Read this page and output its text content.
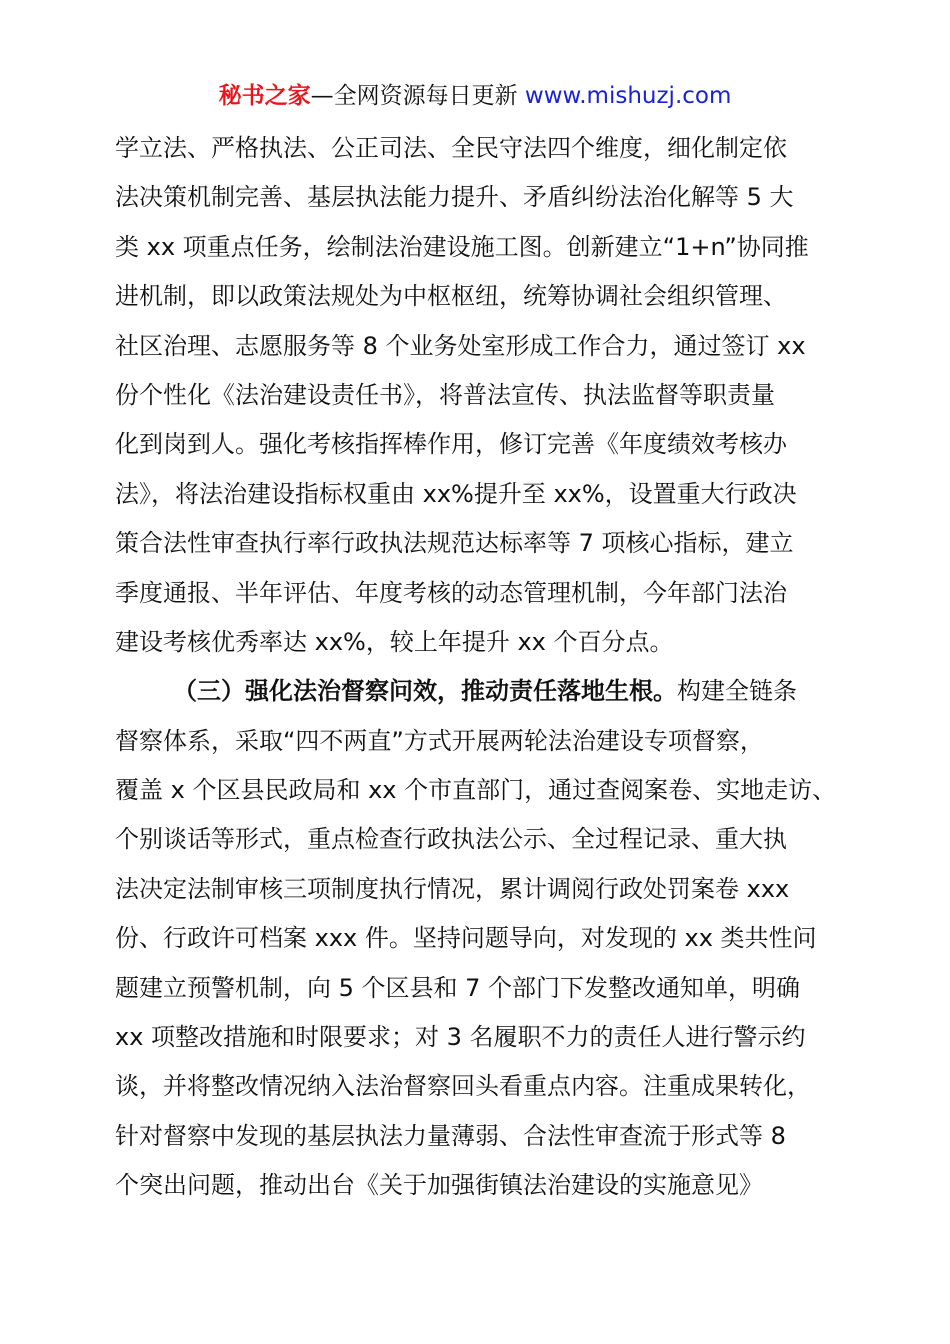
秘书之家—全网资源每日更新 www.mishuzj.com
学立法、严格执法、公正司法、全民守法四个维度，细化制定依
法决策机制完善、基层执法能力提升、矛盾纠纷法治化解等 5 大
类 xx 项重点任务，绘制法治建设施工图。创新建立“1+n”协同推
进机制，即以政策法规处为中枢枢纽，统筹协调社会组织管理、
社区治理、志愿服务等 8 个业务处室形成工作合力，通过签订 xx
份个性化《法治建设责任书》，将普法宣传、执法监督等职责量
化到岗到人。强化考核指挥棒作用，修订完善《年度绩效考核办
法》，将法治建设指标权重由 xx%提升至 xx%，设置重大行政决
策合法性审查执行率行政执法规范达标率等 7 项核心指标，建立
季度通报、半年评估、年度考核的动态管理机制，今年部门法治
建设考核优秀率达 xx%，较上年提升 xx 个百分点。
（三）强化法治督察问效，推动责任落地生根。构建全链条
督察体系，采取“四不两直”方式开展两轮法治建设专项督察，
覆盖 x 个区县民政局和 xx 个市直部门，通过查阅案卷、实地走访、
个别谈话等形式，重点检查行政执法公示、全过程记录、重大执
法决定法制审核三项制度执行情况，累计调阅行政处罚案卷 xxx
份、行政许可档案 xxx 件。坚持问题导向，对发现的 xx 类共性问
题建立预警机制，向 5 个区县和 7 个部门下发整改通知单，明确
xx 项整改措施和时限要求；对 3 名履职不力的责任人进行警示约
谈，并将整改情况纳入法治督察回头看重点内容。注重成果转化，
针对督察中发现的基层执法力量薄弱、合法性审查流于形式等 8
个突出问题，推动出台《关于加强街镇法治建设的实施意见》
